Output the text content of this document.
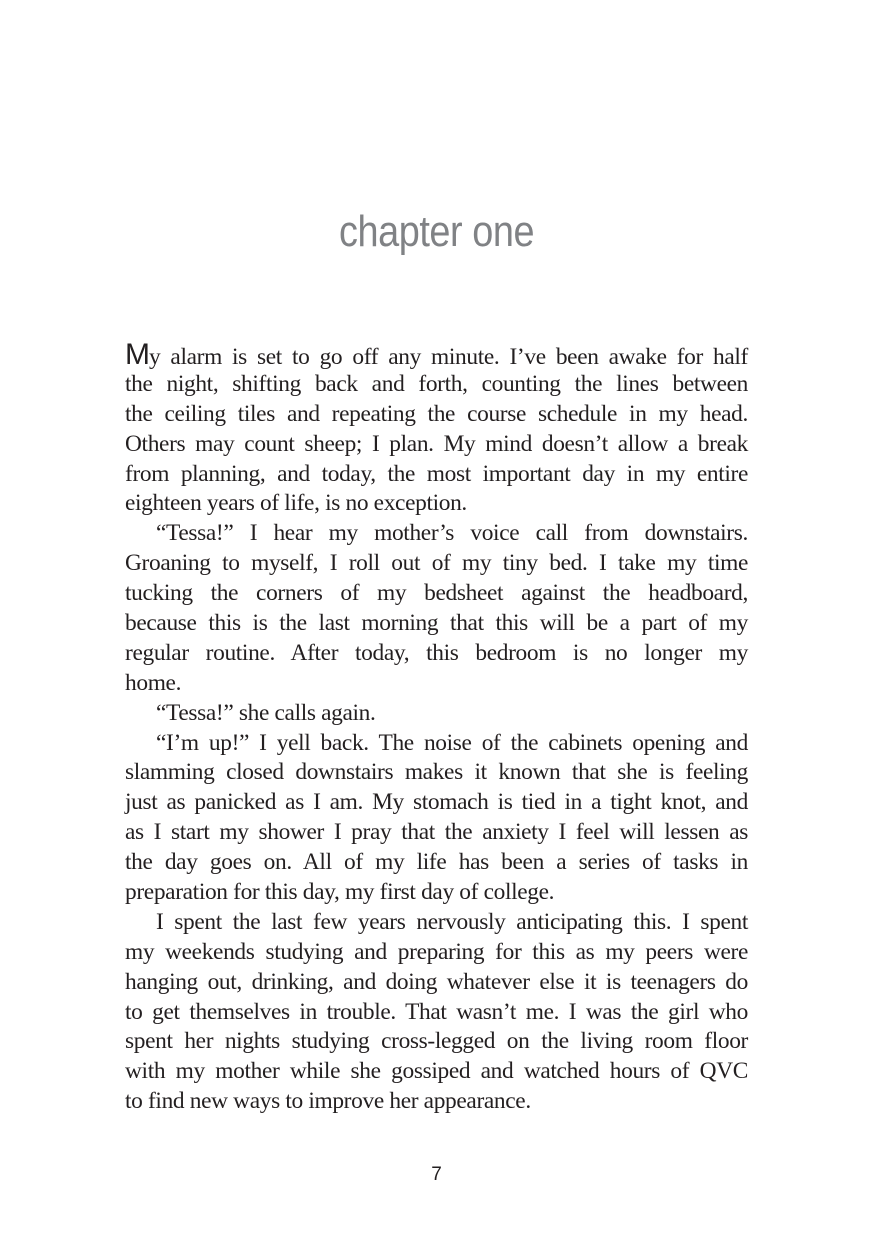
chapter one
My alarm is set to go off any minute. I’ve been awake for half
the night, shifting back and forth, counting the lines between
the ceiling tiles and repeating the course schedule in my head.
Others may count sheep; I plan. My mind doesn’t allow a break
from planning, and today, the most important day in my entire
eighteen years of life, is no exception.
“Tessa!” I hear my mother’s voice call from downstairs.
Groaning to myself, I roll out of my tiny bed. I take my time
tucking the corners of my bedsheet against the headboard,
because this is the last morning that this will be a part of my
regular routine. After today, this bedroom is no longer my
home.
“Tessa!” she calls again.
“I’m up!” I yell back. The noise of the cabinets opening and
slamming closed downstairs makes it known that she is feeling
just as panicked as I am. My stomach is tied in a tight knot, and
as I start my shower I pray that the anxiety I feel will lessen as
the day goes on. All of my life has been a series of tasks in
preparation for this day, my first day of college.
I spent the last few years nervously anticipating this. I spent
my weekends studying and preparing for this as my peers were
hanging out, drinking, and doing whatever else it is teenagers do
to get themselves in trouble. That wasn’t me. I was the girl who
spent her nights studying cross-legged on the living room floor
with my mother while she gossiped and watched hours of QVC
to find new ways to improve her appearance.
7
